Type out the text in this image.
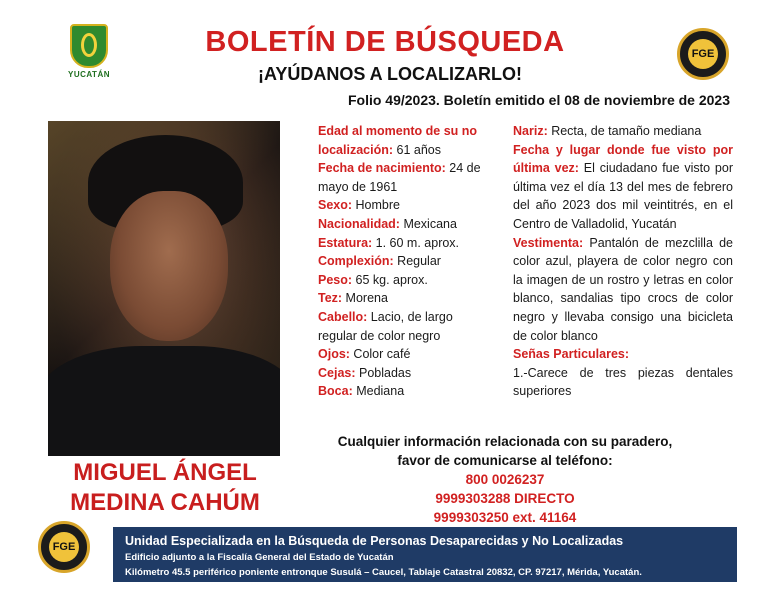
YUCATÁN
BOLETÍN DE BÚSQUEDA
¡AYÚDANOS A LOCALIZARLO!
Folio 49/2023. Boletín emitido el 08 de noviembre de 2023
FGE
MIGUEL ÁNGEL
MEDINA CAHÚM
Edad al momento de su no localización: 61 años
Fecha de nacimiento: 24 de mayo de 1961
Sexo: Hombre
Nacionalidad: Mexicana
Estatura: 1. 60 m. aprox.
Complexión: Regular
Peso: 65 kg. aprox.
Tez: Morena
Cabello: Lacio, de largo regular de color negro
Ojos: Color café
Cejas: Pobladas
Boca: Mediana
Nariz: Recta, de tamaño mediana
Fecha y lugar donde fue visto por última vez: El ciudadano fue visto por última vez el día 13 del mes de febrero del año 2023 dos mil veintitrés, en el Centro de Valladolid, Yucatán
Vestimenta: Pantalón de mezclilla de color azul, playera de color negro con la imagen de un rostro y letras en color blanco, sandalias tipo crocs de color negro y llevaba consigo una bicicleta de color blanco
Señas Particulares:
1.-Carece de tres piezas dentales superiores
Cualquier información relacionada con su paradero, favor de comunicarse al teléfono:
800 0026237
9999303288 DIRECTO
9999303250 ext. 41164
FGE	Unidad Especializada en la Búsqueda de Personas Desaparecidas y No Localizadas
Edificio adjunto a la Fiscalía General del Estado de Yucatán
Kilómetro 45.5 periférico poniente entronque Susulá – Caucel, Tablaje Catastral 20832, CP. 97217, Mérida, Yucatán.
